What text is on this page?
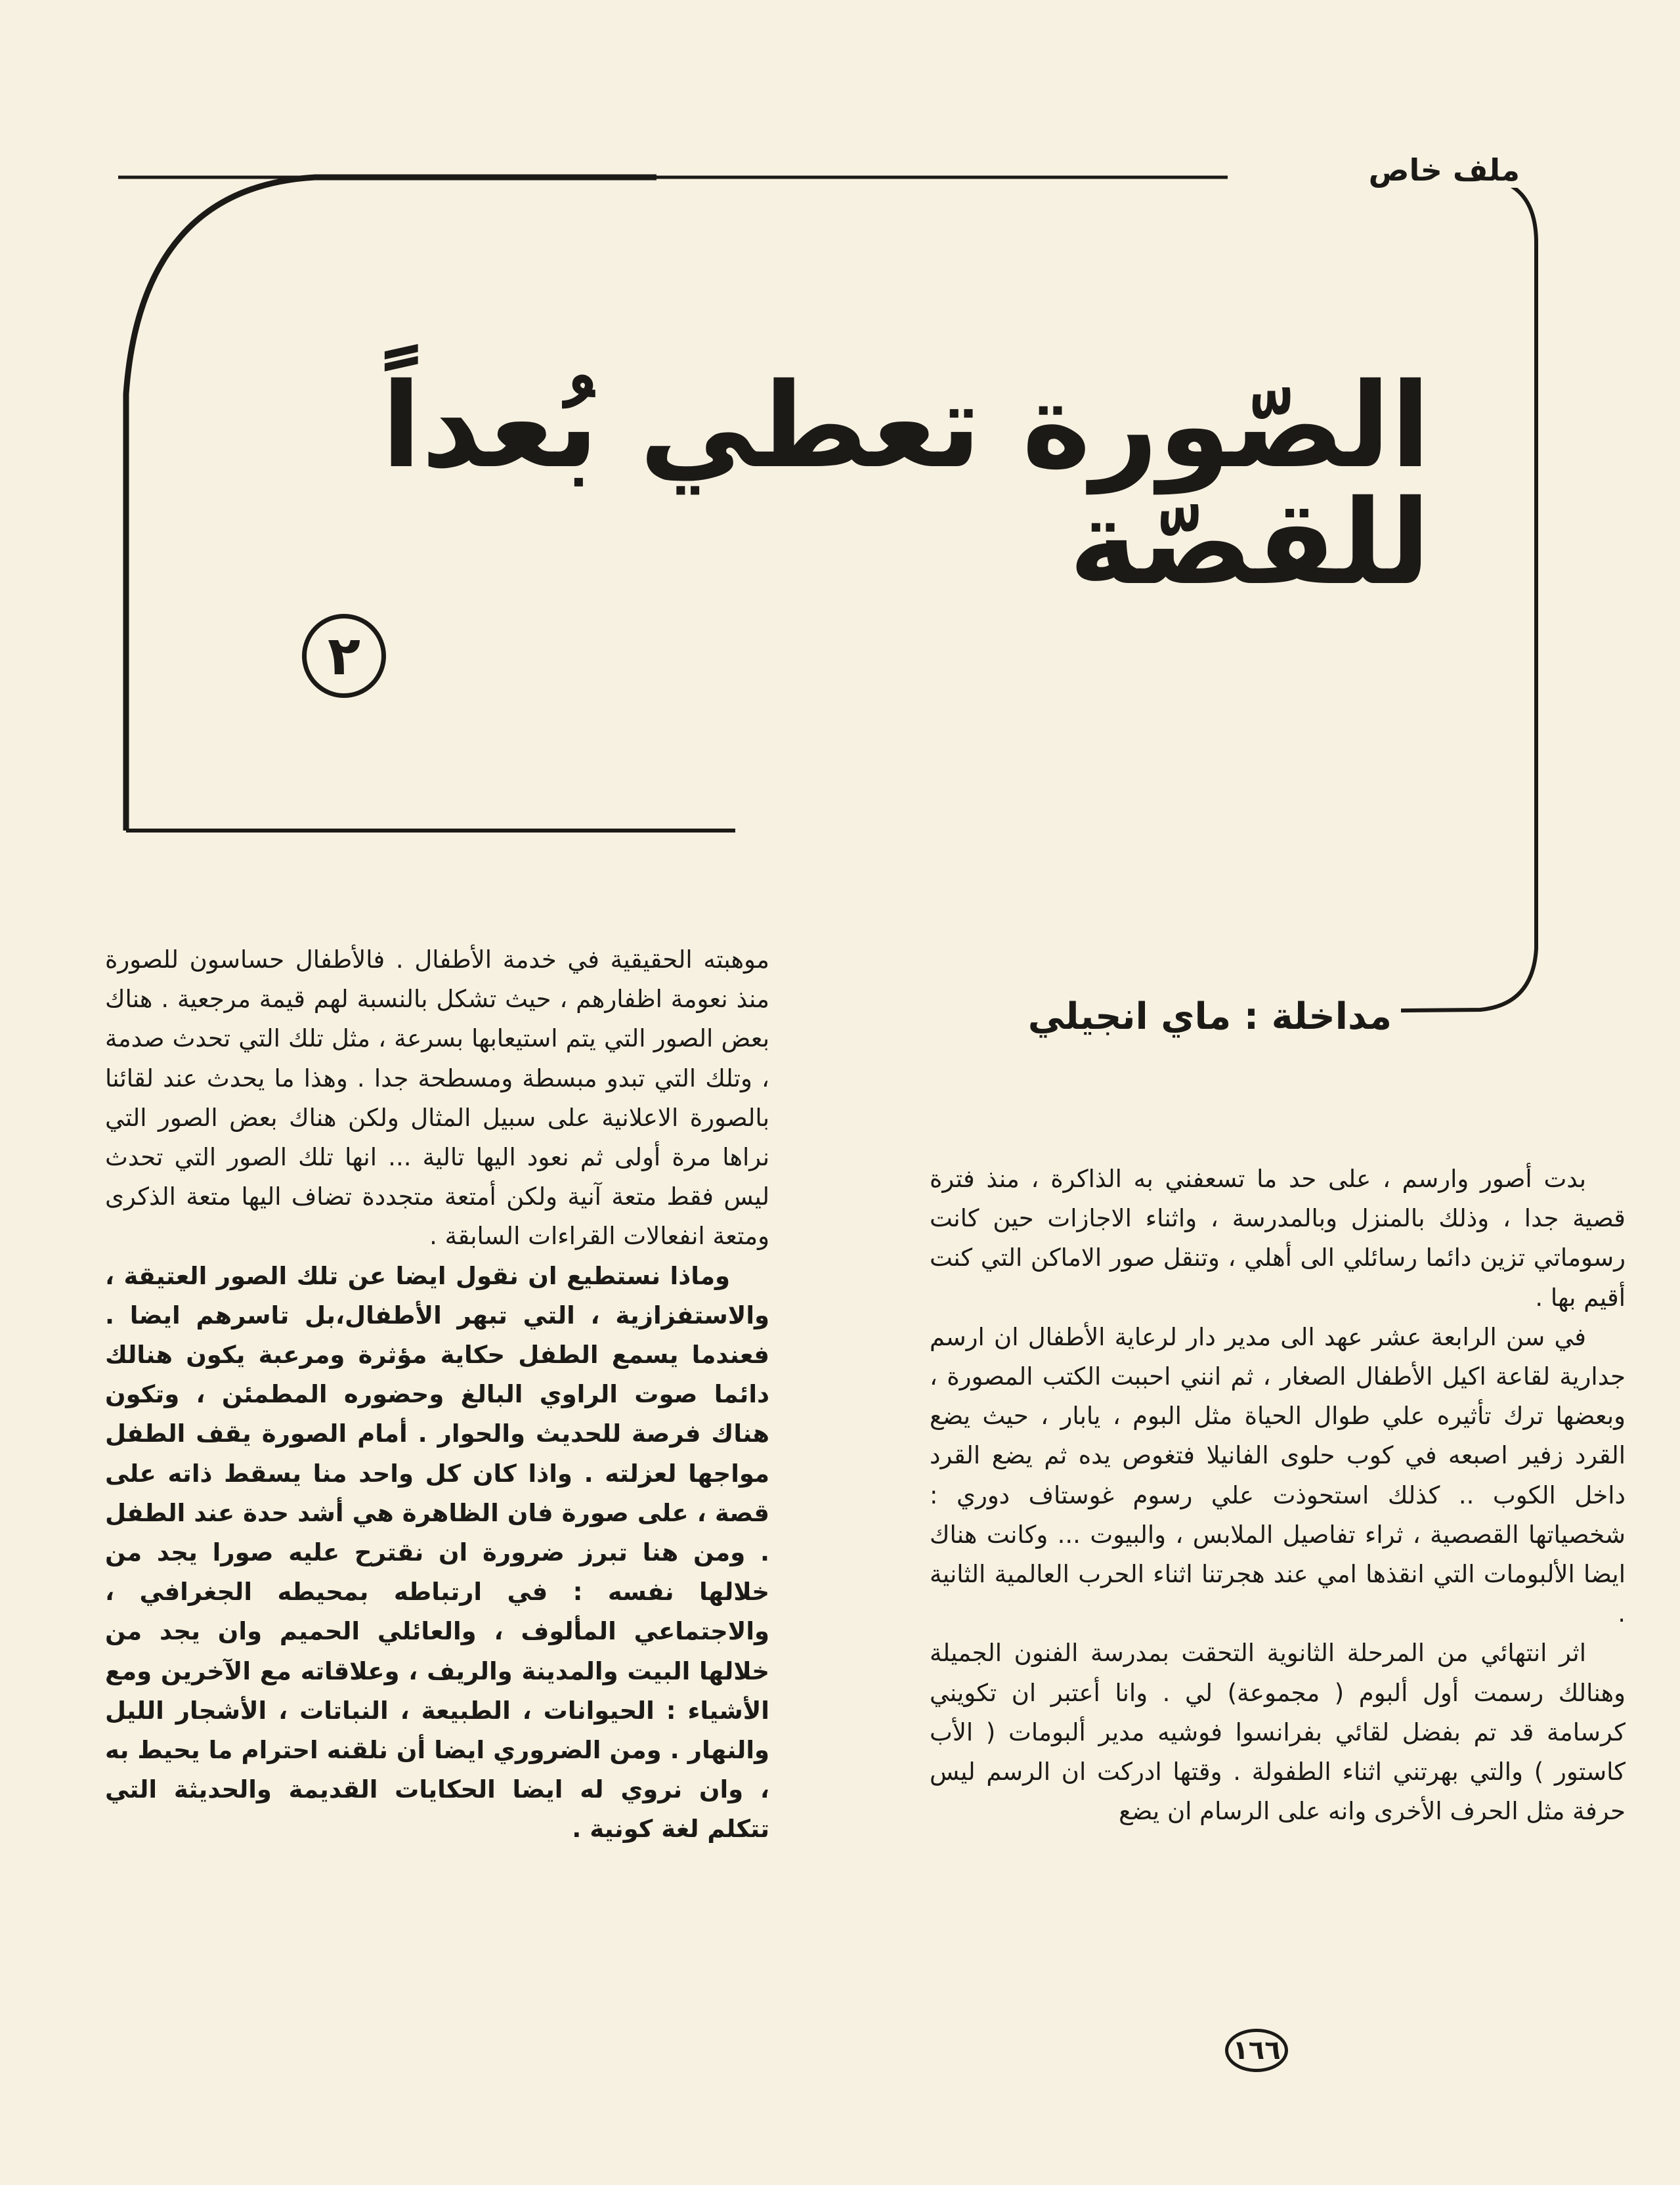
ملف خاص
الصّورة تعطي بُعداً للقصّة
٢
مداخلة : ماي انجيلي

بدت أصور وارسم ، على حد ما تسعفني به الذاكرة ، منذ فترة قصية جدا ، وذلك بالمنزل وبالمدرسة ، واثناء الاجازات حين كانت رسوماتي تزين دائما رسائلي الى أهلي ، وتنقل صور الاماكن التي كنت أقيم بها .

في سن الرابعة عشر عهد الى مدير دار لرعاية الأطفال ان ارسم جدارية لقاعة اكيل الأطفال الصغار ، ثم انني احببت الكتب المصورة ، وبعضها ترك تأثيره علي طوال الحياة مثل البوم ، يابار ، حيث يضع القرد زفير اصبعه في كوب حلوى الفانيلا فتغوص يده ثم يضع القرد داخل الكوب .. كذلك استحوذت علي رسوم غوستاف دوري : شخصياتها القصصية ، ثراء تفاصيل الملابس ، والبيوت ... وكانت هناك ايضا الألبومات التي انقذها امي عند هجرتنا اثناء الحرب العالمية الثانية .

اثر انتهائي من المرحلة الثانوية التحقت بمدرسة الفنون الجميلة وهنالك رسمت أول ألبوم ( مجموعة) لي . وانا أعتبر ان تكويني كرسامة قد تم بفضل لقائي بفرانسوا فوشيه مدير ألبومات ( الأب كاستور ) والتي بهرتني اثناء الطفولة . وقتها ادركت ان الرسم ليس حرفة مثل الحرف الأخرى وانه على الرسام ان يضع

موهبته الحقيقية في خدمة الأطفال . فالأطفال حساسون للصورة منذ نعومة اظفارهم ، حيث تشكل بالنسبة لهم قيمة مرجعية . هناك بعض الصور التي يتم استيعابها بسرعة ، مثل تلك التي تحدث صدمة ، وتلك التي تبدو مبسطة ومسطحة جدا . وهذا ما يحدث عند لقائنا بالصورة الاعلانية على سبيل المثال ولكن هناك بعض الصور التي نراها مرة أولى ثم نعود اليها تالية ... انها تلك الصور التي تحدث ليس فقط متعة آنية ولكن أمتعة متجددة تضاف اليها متعة الذكرى ومتعة انفعالات القراءات السابقة .

وماذا نستطيع ان نقول ايضا عن تلك الصور العتيقة ، والاستفزازية ، التي تبهر الأطفال،بل تاسرهم ايضا . فعندما يسمع الطفل حكاية مؤثرة ومرعبة يكون هنالك دائما صوت الراوي البالغ وحضوره المطمئن ، وتكون هناك فرصة للحديث والحوار . أمام الصورة يقف الطفل مواجها لعزلته . واذا كان كل واحد منا يسقط ذاته على قصة ، على صورة فان الظاهرة هي أشد حدة عند الطفل . ومن هنا تبرز ضرورة ان نقترح عليه صورا يجد من خلالها نفسه : في ارتباطه بمحيطه الجغرافي ، والاجتماعي المألوف ، والعائلي الحميم وان يجد من خلالها البيت والمدينة والريف ، وعلاقاته مع الآخرين ومع الأشياء : الحيوانات ، الطبيعة ، النباتات ، الأشجار الليل والنهار . ومن الضروري ايضا أن نلقنه احترام ما يحيط به ، وان نروي له ايضا الحكايات القديمة والحديثة التي تتكلم لغة كونية .

١٦٦
